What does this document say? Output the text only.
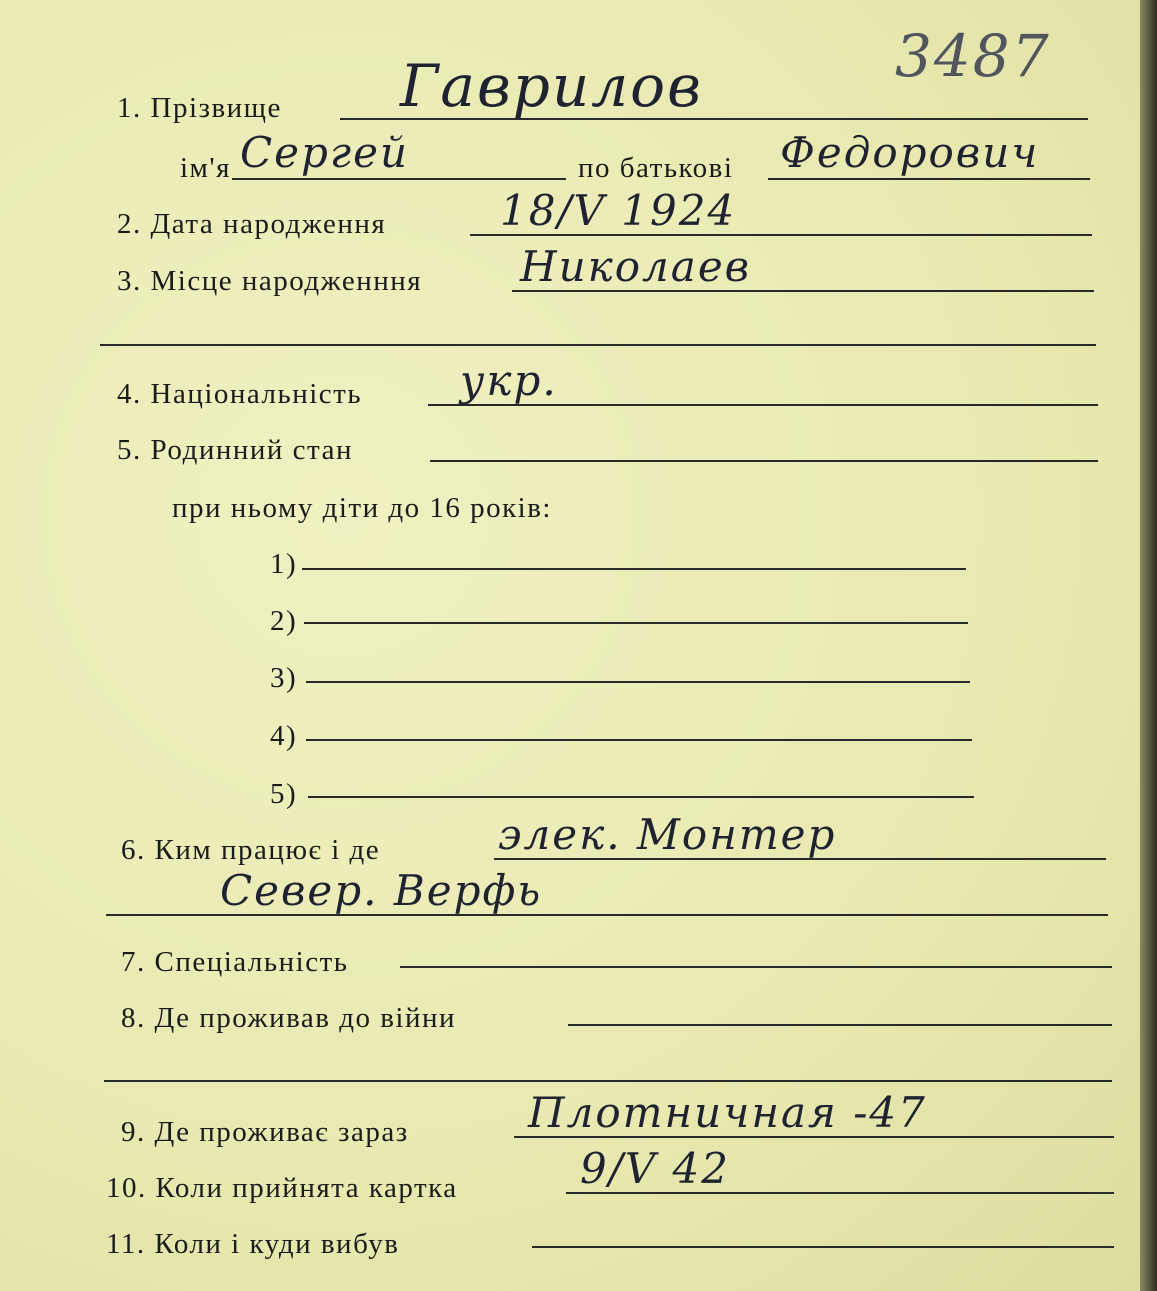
3487
1. Прізвище Гаврилов
ім'я Сергей	по батькові Федорович
2. Дата народження	18/V 1924
3. Місце народженння Николаев
4. Національність укр.
5. Родинний стан
при ньому діти до 16 років:
1)
2)
3)
4)
5)
6. Ким працює і де	элек. Монтер
Север. Верфь
7. Спеціальність
8. Де проживав до війни
9. Де проживає зараз	Плотничная -47
10. Коли прийнята картка	9/V 42
11. Коли і куди вибув
